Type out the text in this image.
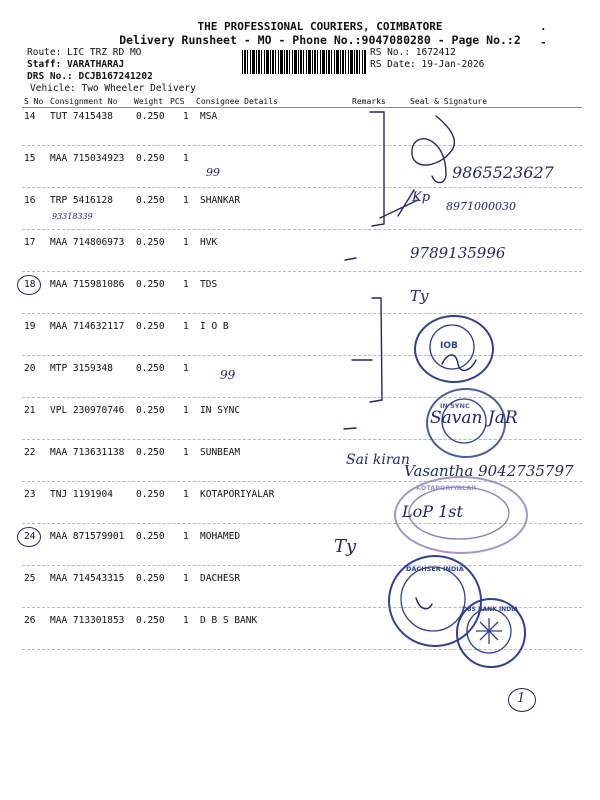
THE PROFESSIONAL COURIERS, COIMBATORE
Delivery Runsheet - MO - Phone No.:9047080280 - Page No.:2
.
-
Route: LIC TRZ RD MO
Staff: VARATHARAJ
DRS No.: DCJB167241202
Vehicle: Two Wheeler Delivery
RS No.: 1672412
RS Date: 19-Jan-2026
S No Consignment No Weight PCS Consignee Details	Remarks	Seal & Signature
14 TUT 7415438 0.250 1 MSA
15 MAA 715034923 0.250 1
16 TRP 5416128 0.250 1 SHANKAR
17 MAA 714806973 0.250 1 HVK
18 MAA 715981086 0.250 1 TDS
19 MAA 714632117 0.250 1 I O B
20 MTP 3159348 0.250 1
21 VPL 230970746 0.250 1 IN SYNC
22 MAA 713631138 0.250 1 SUNBEAM
23 TNJ 1191904 0.250 1 KOTAPORIYALAR
24 MAA 871579901 0.250 1 MOHAMED
25 MAA 714543315 0.250 1 DACHESR
26 MAA 713301853 0.250 1 D B S BANK
IOB
IN SYNC
KOTAPORIYALAR
DACHSER INDIA
DBS BANK INDIA
99	9865523627
Kp
8971000030
93318339
9789135996
Ty
99
Savan JaR
Sai kiran
Vasantha 9042735797
LoP 1st
Ty
1
